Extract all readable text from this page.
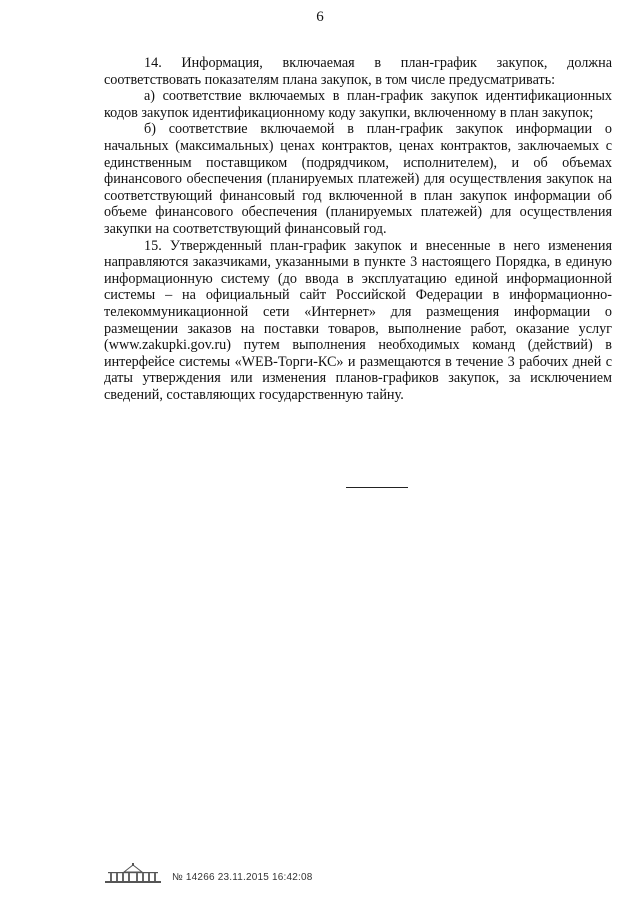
6

14. Информация, включаемая в план-график закупок, должна соответствовать показателям плана закупок, в том числе предусматривать:

а) соответствие включаемых в план-график закупок идентификационных кодов закупок идентификационному коду закупки, включенному в план закупок;

б) соответствие включаемой в план-график закупок информации о начальных (максимальных) ценах контрактов, ценах контрактов, заключаемых с единственным поставщиком (подрядчиком, исполнителем), и об объемах финансового обеспечения (планируемых платежей) для осуществления закупок на соответствующий финансовый год включенной в план закупок информации об объеме финансового обеспечения (планируемых платежей) для осуществления закупки на соответствующий финансовый год.

15. Утвержденный план-график закупок и внесенные в него изменения направляются заказчиками, указанными в пункте 3 настоящего Порядка, в единую информационную систему (до ввода в эксплуатацию единой информационной системы – на официальный сайт Российской Федерации в информационно-телекоммуникационной сети «Интернет» для размещения информации о размещении заказов на поставки товаров, выполнение работ, оказание услуг (www.zakupki.gov.ru) путем выполнения необходимых команд (действий) в интерфейсе системы «WEB-Торги-КС» и размещаются в течение 3 рабочих дней с даты утверждения или изменения планов-графиков закупок, за исключением сведений, составляющих государственную тайну.

№ 14266 23.11.2015 16:42:08
